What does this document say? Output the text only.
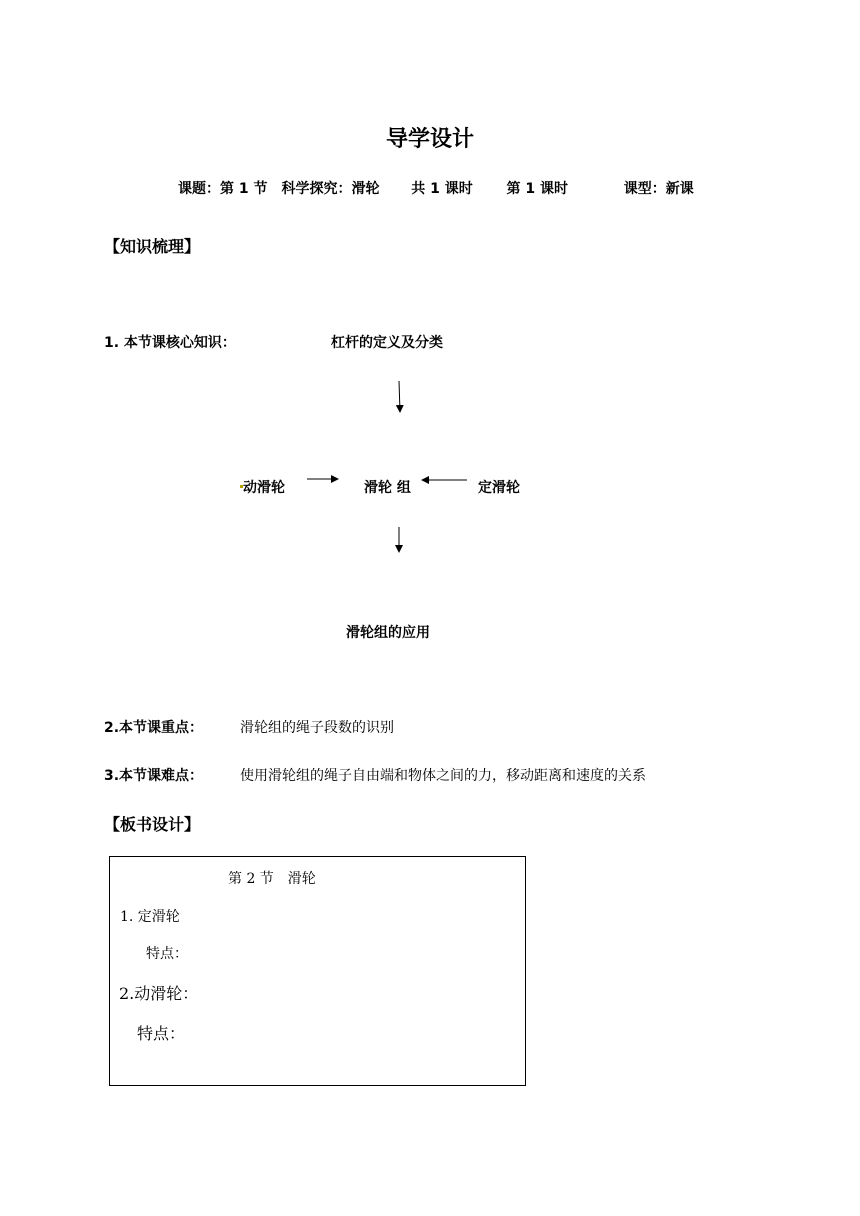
导学设计
课题：第 1 节　科学探究：滑轮 共 1 课时 第 1 课时	课型：新课
【知识梳理】
1. 本节课核心知识：	杠杆的定义及分类
动滑轮	滑轮 组	定滑轮
滑轮组的应用
2.本节课重点：	滑轮组的绳子段数的识别
3.本节课难点：	使用滑轮组的绳子自由端和物体之间的力，移动距离和速度的关系
【板书设计】
第 2 节　滑轮
1. 定滑轮
特点：
2.动滑轮：
特点：
